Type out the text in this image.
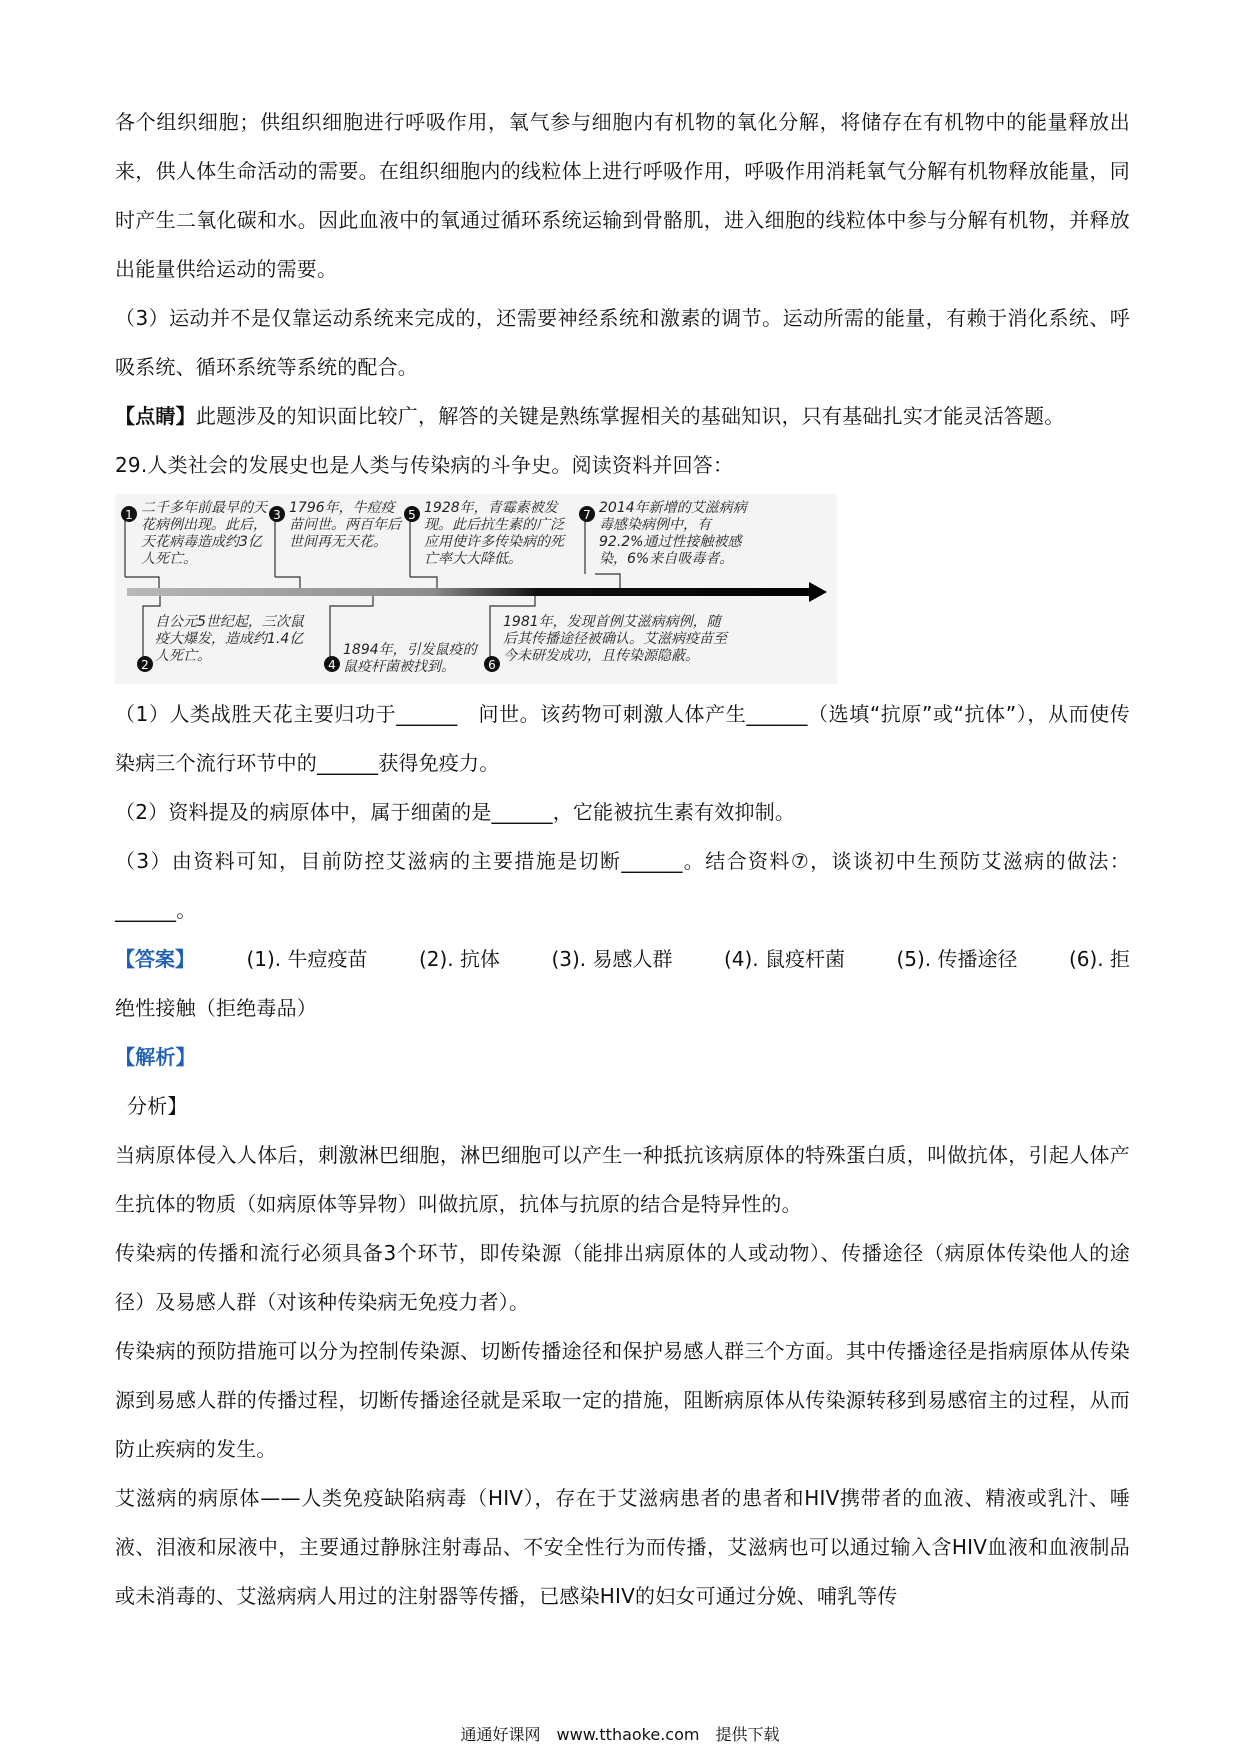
各个组织细胞；供组织细胞进行呼吸作用，氧气参与细胞内有机物的氧化分解，将储存在有机物中的能量释放出来，供人体生命活动的需要。在组织细胞内的线粒体上进行呼吸作用，呼吸作用消耗氧气分解有机物释放能量，同时产生二氧化碳和水。因此血液中的氧通过循环系统运输到骨骼肌，进入细胞的线粒体中参与分解有机物，并释放出能量供给运动的需要。

（3）运动并不是仅靠运动系统来完成的，还需要神经系统和激素的调节。运动所需的能量，有赖于消化系统、呼吸系统、循环系统等系统的配合。

【点睛】此题涉及的知识面比较广，解答的关键是熟练掌握相关的基础知识，只有基础扎实才能灵活答题。

29.人类社会的发展史也是人类与传染病的斗争史。阅读资料并回答：

1	3	5	7
2	4	6
二千多年前最早的天花病例出现。此后，天花病毒造成约3亿人死亡。
1796年，牛痘疫苗问世。两百年后世间再无天花。
1928年，青霉素被发现。此后抗生素的广泛应用使许多传染病的死亡率大大降低。
2014年新增的艾滋病病毒感染病例中，有92.2%通过性接触被感染，6%来自吸毒者。
自公元5世纪起，三次鼠疫大爆发，造成约1.4亿人死亡。	1894年，引发鼠疫的鼠疫杆菌被找到。
1981年，发现首例艾滋病病例，随后其传播途径被确认。艾滋病疫苗至今未研发成功，且传染源隐蔽。

（1）人类战胜天花主要归功于______　问世。该药物可刺激人体产生______（选填“抗原”或“抗体”），从而使传染病三个流行环节中的______获得免疫力。

（2）资料提及的病原体中，属于细菌的是______，它能被抗生素有效抑制。

（3）由资料可知，目前防控艾滋病的主要措施是切断______。结合资料⑦，谈谈初中生预防艾滋病的做法：______。

【答案】	(1). 牛痘疫苗	(2). 抗体	(3). 易感人群	(4). 鼠疫杆菌	(5). 传播途径	(6). 拒

绝性接触（拒绝毒品）

【解析】

分析】

当病原体侵入人体后，刺激淋巴细胞，淋巴细胞可以产生一种抵抗该病原体的特殊蛋白质，叫做抗体，引起人体产生抗体的物质（如病原体等异物）叫做抗原，抗体与抗原的结合是特异性的。

传染病的传播和流行必须具备3个环节，即传染源（能排出病原体的人或动物）、传播途径（病原体传染他人的途径）及易感人群（对该种传染病无免疫力者）。

传染病的预防措施可以分为控制传染源、切断传播途径和保护易感人群三个方面。其中传播途径是指病原体从传染源到易感人群的传播过程，切断传播途径就是采取一定的措施，阻断病原体从传染源转移到易感宿主的过程，从而防止疾病的发生。

艾滋病的病原体——人类免疫缺陷病毒（HIV），存在于艾滋病患者的患者和HIV携带者的血液、精液或乳汁、唾液、泪液和尿液中，主要通过静脉注射毒品、不安全性行为而传播，艾滋病也可以通过输入含HIV血液和血液制品或未消毒的、艾滋病病人用过的注射器等传播，已感染HIV的妇女可通过分娩、哺乳等传

通通好课网　www.tthaoke.com　提供下载
